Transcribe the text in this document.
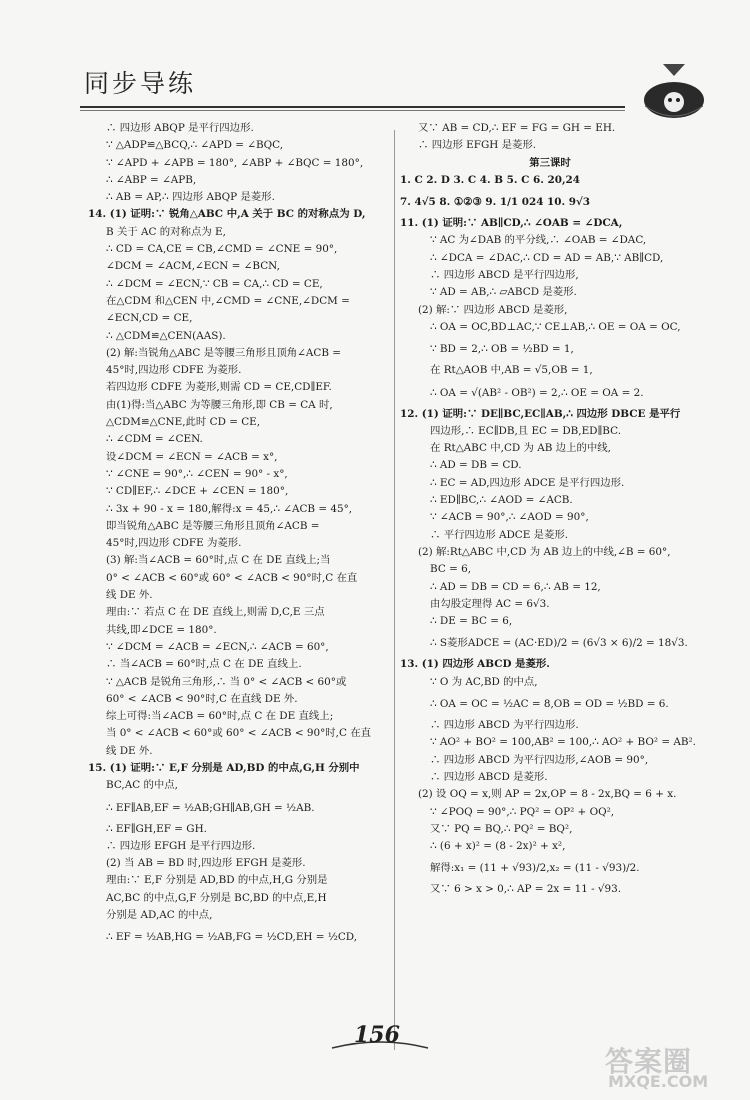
同步导练
∴ 四边形 ABQP 是平行四边形.
∵ △ADP≌△BCQ,∴ ∠APD = ∠BQC,
∵ ∠APD + ∠APB = 180°, ∠ABP + ∠BQC = 180°,
∴ ∠ABP = ∠APB,
∴ AB = AP,∴ 四边形 ABQP 是菱形.
14. (1) 证明:∵ 锐角△ABC 中,A 关于 BC 的对称点为 D,
B 关于 AC 的对称点为 E,
∴ CD = CA,CE = CB,∠CMD = ∠CNE = 90°,
∠DCM = ∠ACM,∠ECN = ∠BCN,
∴ ∠DCM = ∠ECN,∵ CB = CA,∴ CD = CE,
在△CDM 和△CEN 中,∠CMD = ∠CNE,∠DCM =
∠ECN,CD = CE,
∴ △CDM≌△CEN(AAS).
(2) 解:当锐角△ABC 是等腰三角形且顶角∠ACB =
45°时,四边形 CDFE 为菱形.
若四边形 CDFE 为菱形,则需 CD = CE,CD∥EF.
由(1)得:当△ABC 为等腰三角形,即 CB = CA 时,
△CDM≌△CNE,此时 CD = CE,
∴ ∠CDM = ∠CEN.
设∠DCM = ∠ECN = ∠ACB = x°,
∵ ∠CNE = 90°,∴ ∠CEN = 90° - x°,
∵ CD∥EF,∴ ∠DCE + ∠CEN = 180°,
∴ 3x + 90 - x = 180,解得:x = 45,∴ ∠ACB = 45°,
即当锐角△ABC 是等腰三角形且顶角∠ACB =
45°时,四边形 CDFE 为菱形.
(3) 解:当∠ACB = 60°时,点 C 在 DE 直线上;当
0° < ∠ACB < 60°或 60° < ∠ACB < 90°时,C 在直
线 DE 外.
理由:∵ 若点 C 在 DE 直线上,则需 D,C,E 三点
共线,即∠DCE = 180°.
∵ ∠DCM = ∠ACB = ∠ECN,∴ ∠ACB = 60°,
∴ 当∠ACB = 60°时,点 C 在 DE 直线上.
∵ △ACB 是锐角三角形,∴ 当 0° < ∠ACB < 60°或
60° < ∠ACB < 90°时,C 在直线 DE 外.
综上可得:当∠ACB = 60°时,点 C 在 DE 直线上;
当 0° < ∠ACB < 60°或 60° < ∠ACB < 90°时,C 在直
线 DE 外.
15. (1) 证明:∵ E,F 分别是 AD,BD 的中点,G,H 分别中
BC,AC 的中点,
∴ EF∥AB,EF = ½AB;GH∥AB,GH = ½AB.
∴ EF∥GH,EF = GH.
∴ 四边形 EFGH 是平行四边形.
(2) 当 AB = BD 时,四边形 EFGH 是菱形.
理由:∵ E,F 分别是 AD,BD 的中点,H,G 分别是
AC,BC 的中点,G,F 分别是 BC,BD 的中点,E,H
分别是 AD,AC 的中点,
∴ EF = ½AB,HG = ½AB,FG = ½CD,EH = ½CD,
又∵ AB = CD,∴ EF = FG = GH = EH.
∴ 四边形 EFGH 是菱形.
第三课时
1. C 2. D 3. C 4. B 5. C 6. 20,24
7. 4√5 8. ①②③ 9. 1/1 024 10. 9√3
11. (1) 证明:∵ AB∥CD,∴ ∠OAB = ∠DCA,
∵ AC 为∠DAB 的平分线,∴ ∠OAB = ∠DAC,
∴ ∠DCA = ∠DAC,∴ CD = AD = AB,∵ AB∥CD,
∴ 四边形 ABCD 是平行四边形,
∵ AD = AB,∴ ▱ABCD 是菱形.
(2) 解:∵ 四边形 ABCD 是菱形,
∴ OA = OC,BD⊥AC,∵ CE⊥AB,∴ OE = OA = OC,
∵ BD = 2,∴ OB = ½BD = 1,
在 Rt△AOB 中,AB = √5,OB = 1,
∴ OA = √(AB² - OB²) = 2,∴ OE = OA = 2.
12. (1) 证明:∵ DE∥BC,EC∥AB,∴ 四边形 DBCE 是平行
四边形,∴ EC∥DB,且 EC = DB,ED∥BC.
在 Rt△ABC 中,CD 为 AB 边上的中线,
∴ AD = DB = CD.
∴ EC = AD,四边形 ADCE 是平行四边形.
∴ ED∥BC,∴ ∠AOD = ∠ACB.
∵ ∠ACB = 90°,∴ ∠AOD = 90°,
∴ 平行四边形 ADCE 是菱形.
(2) 解:Rt△ABC 中,CD 为 AB 边上的中线,∠B = 60°,
BC = 6,
∴ AD = DB = CD = 6,∴ AB = 12,
由勾股定理得 AC = 6√3.
∴ DE = BC = 6,
∴ S菱形ADCE = (AC·ED)/2 = (6√3 × 6)/2 = 18√3.
13. (1) 四边形 ABCD 是菱形.
∵ O 为 AC,BD 的中点,
∴ OA = OC = ½AC = 8,OB = OD = ½BD = 6.
∴ 四边形 ABCD 为平行四边形.
∵ AO² + BO² = 100,AB² = 100,∴ AO² + BO² = AB².
∴ 四边形 ABCD 为平行四边形,∠AOB = 90°,
∴ 四边形 ABCD 是菱形.
(2) 设 OQ = x,则 AP = 2x,OP = 8 - 2x,BQ = 6 + x.
∵ ∠POQ = 90°,∴ PQ² = OP² + OQ²,
又∵ PQ = BQ,∴ PQ² = BQ²,
∴ (6 + x)² = (8 - 2x)² + x²,
解得:x₁ = (11 + √93)/2,x₂ = (11 - √93)/2.
又∵ 6 > x > 0,∴ AP = 2x = 11 - √93.
156
答案圈
MXQE.COM
